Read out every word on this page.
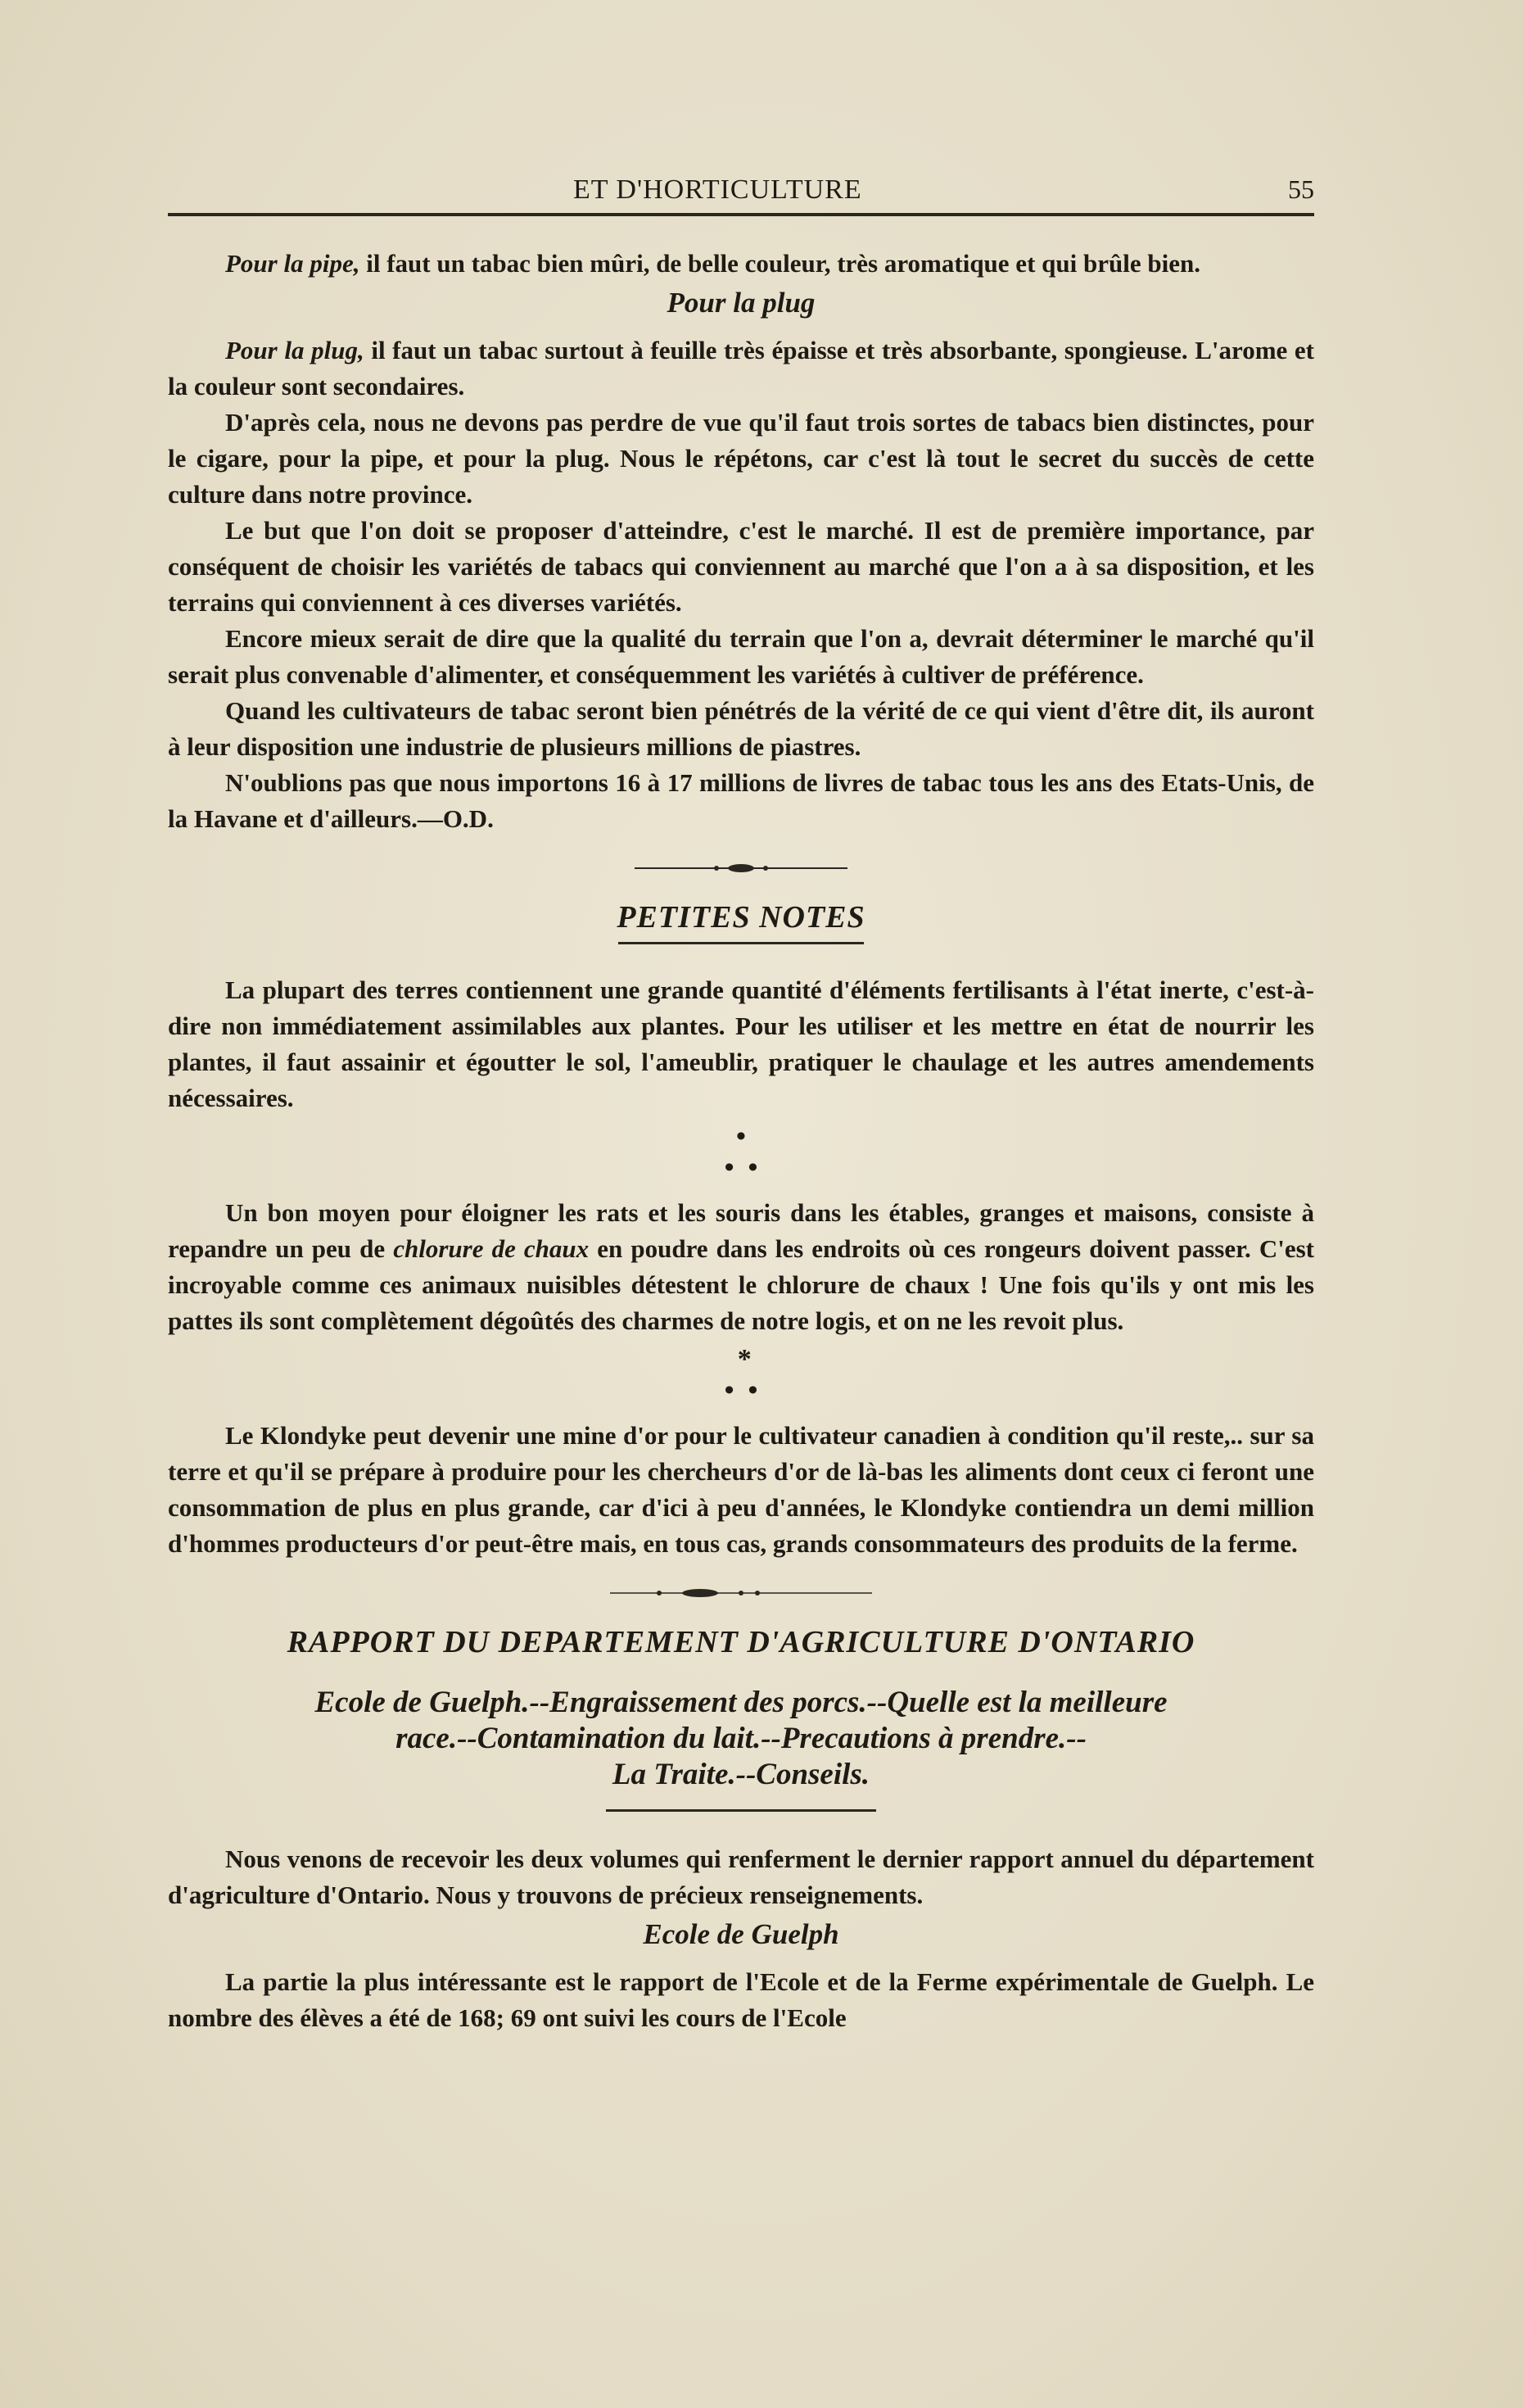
ET D'HORTICULTURE	55

Pour la pipe, il faut un tabac bien mûri, de belle couleur, très aromatique et qui brûle bien.

Pour la plug

Pour la plug, il faut un tabac surtout à feuille très épaisse et très absorbante, spongieuse. L'arome et la couleur sont secondaires.

D'après cela, nous ne devons pas perdre de vue qu'il faut trois sortes de tabacs bien distinctes, pour le cigare, pour la pipe, et pour la plug. Nous le répétons, car c'est là tout le secret du succès de cette culture dans notre province.

Le but que l'on doit se proposer d'atteindre, c'est le marché. Il est de première importance, par conséquent de choisir les variétés de tabacs qui conviennent au marché que l'on a à sa disposition, et les terrains qui conviennent à ces diverses variétés.

Encore mieux serait de dire que la qualité du terrain que l'on a, devrait déterminer le marché qu'il serait plus convenable d'alimenter, et conséquemment les variétés à cultiver de préférence.

Quand les cultivateurs de tabac seront bien pénétrés de la vérité de ce qui vient d'être dit, ils auront à leur disposition une industrie de plusieurs millions de piastres.

N'oublions pas que nous importons 16 à 17 millions de livres de tabac tous les ans des Etats-Unis, de la Havane et d'ailleurs.—O.D.

PETITES NOTES

La plupart des terres contiennent une grande quantité d'éléments fertilisants à l'état inerte, c'est-à-dire non immédiatement assimilables aux plantes. Pour les utiliser et les mettre en état de nourrir les plantes, il faut assainir et égoutter le sol, l'ameublir, pratiquer le chaulage et les autres amendements nécessaires.

•
•  •

Un bon moyen pour éloigner les rats et les souris dans les étables, granges et maisons, consiste à repandre un peu de chlorure de chaux en poudre dans les endroits où ces rongeurs doivent passer. C'est incroyable comme ces animaux nuisibles détestent le chlorure de chaux ! Une fois qu'ils y ont mis les pattes ils sont complètement dégoûtés des charmes de notre logis, et on ne les revoit plus.

*
•  •

Le Klondyke peut devenir une mine d'or pour le cultivateur canadien à condition qu'il reste,.. sur sa terre et qu'il se prépare à produire pour les chercheurs d'or de là-bas les aliments dont ceux ci feront une consommation de plus en plus grande, car d'ici à peu d'années, le Klondyke contiendra un demi million d'hommes producteurs d'or peut-être mais, en tous cas, grands consommateurs des produits de la ferme.

RAPPORT DU DEPARTEMENT D'AGRICULTURE D'ONTARIO
Ecole de Guelph.--Engraissement des porcs.--Quelle est la meilleure
race.--Contamination du lait.--Precautions à prendre.--
La Traite.--Conseils.

Nous venons de recevoir les deux volumes qui renferment le dernier rapport annuel du département d'agriculture d'Ontario. Nous y trouvons de précieux renseignements.

Ecole de Guelph

La partie la plus intéressante est le rapport de l'Ecole et de la Ferme expérimentale de Guelph. Le nombre des élèves a été de 168; 69 ont suivi les cours de l'Ecole
